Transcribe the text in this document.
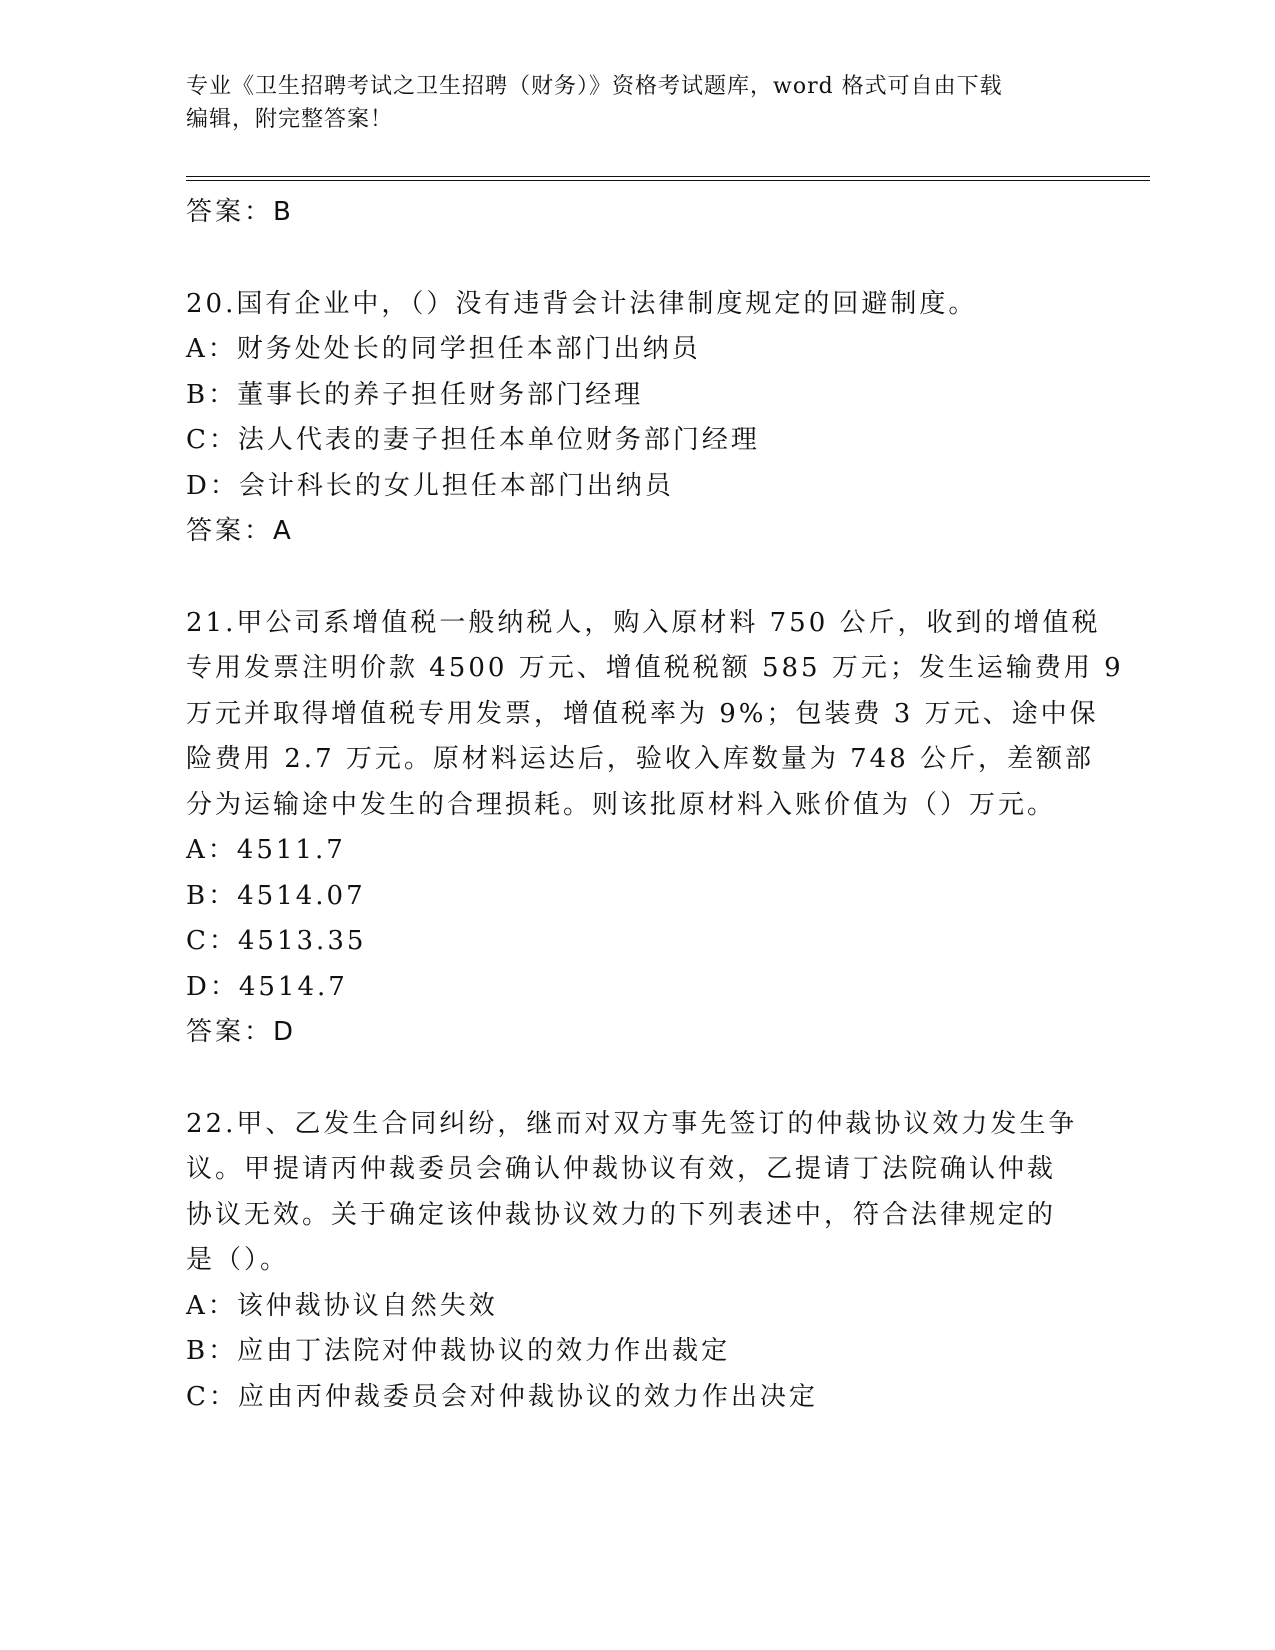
专业《卫生招聘考试之卫生招聘（财务）》资格考试题库，word 格式可自由下载
编辑，附完整答案！
答案：B
20.国有企业中，（）没有违背会计法律制度规定的回避制度。
A：财务处处长的同学担任本部门出纳员
B：董事长的养子担任财务部门经理
C：法人代表的妻子担任本单位财务部门经理
D：会计科长的女儿担任本部门出纳员
答案：A
21.甲公司系增值税一般纳税人，购入原材料 750 公斤，收到的增值税
专用发票注明价款 4500 万元、增值税税额 585 万元；发生运输费用 9
万元并取得增值税专用发票，增值税率为 9%；包装费 3 万元、途中保
险费用 2.7 万元。原材料运达后，验收入库数量为 748 公斤，差额部
分为运输途中发生的合理损耗。则该批原材料入账价值为（）万元。
A：4511.7
B：4514.07
C：4513.35
D：4514.7
答案：D
22.甲、乙发生合同纠纷，继而对双方事先签订的仲裁协议效力发生争
议。甲提请丙仲裁委员会确认仲裁协议有效，乙提请丁法院确认仲裁
协议无效。关于确定该仲裁协议效力的下列表述中，符合法律规定的
是（）。
A：该仲裁协议自然失效
B：应由丁法院对仲裁协议的效力作出裁定
C：应由丙仲裁委员会对仲裁协议的效力作出决定
